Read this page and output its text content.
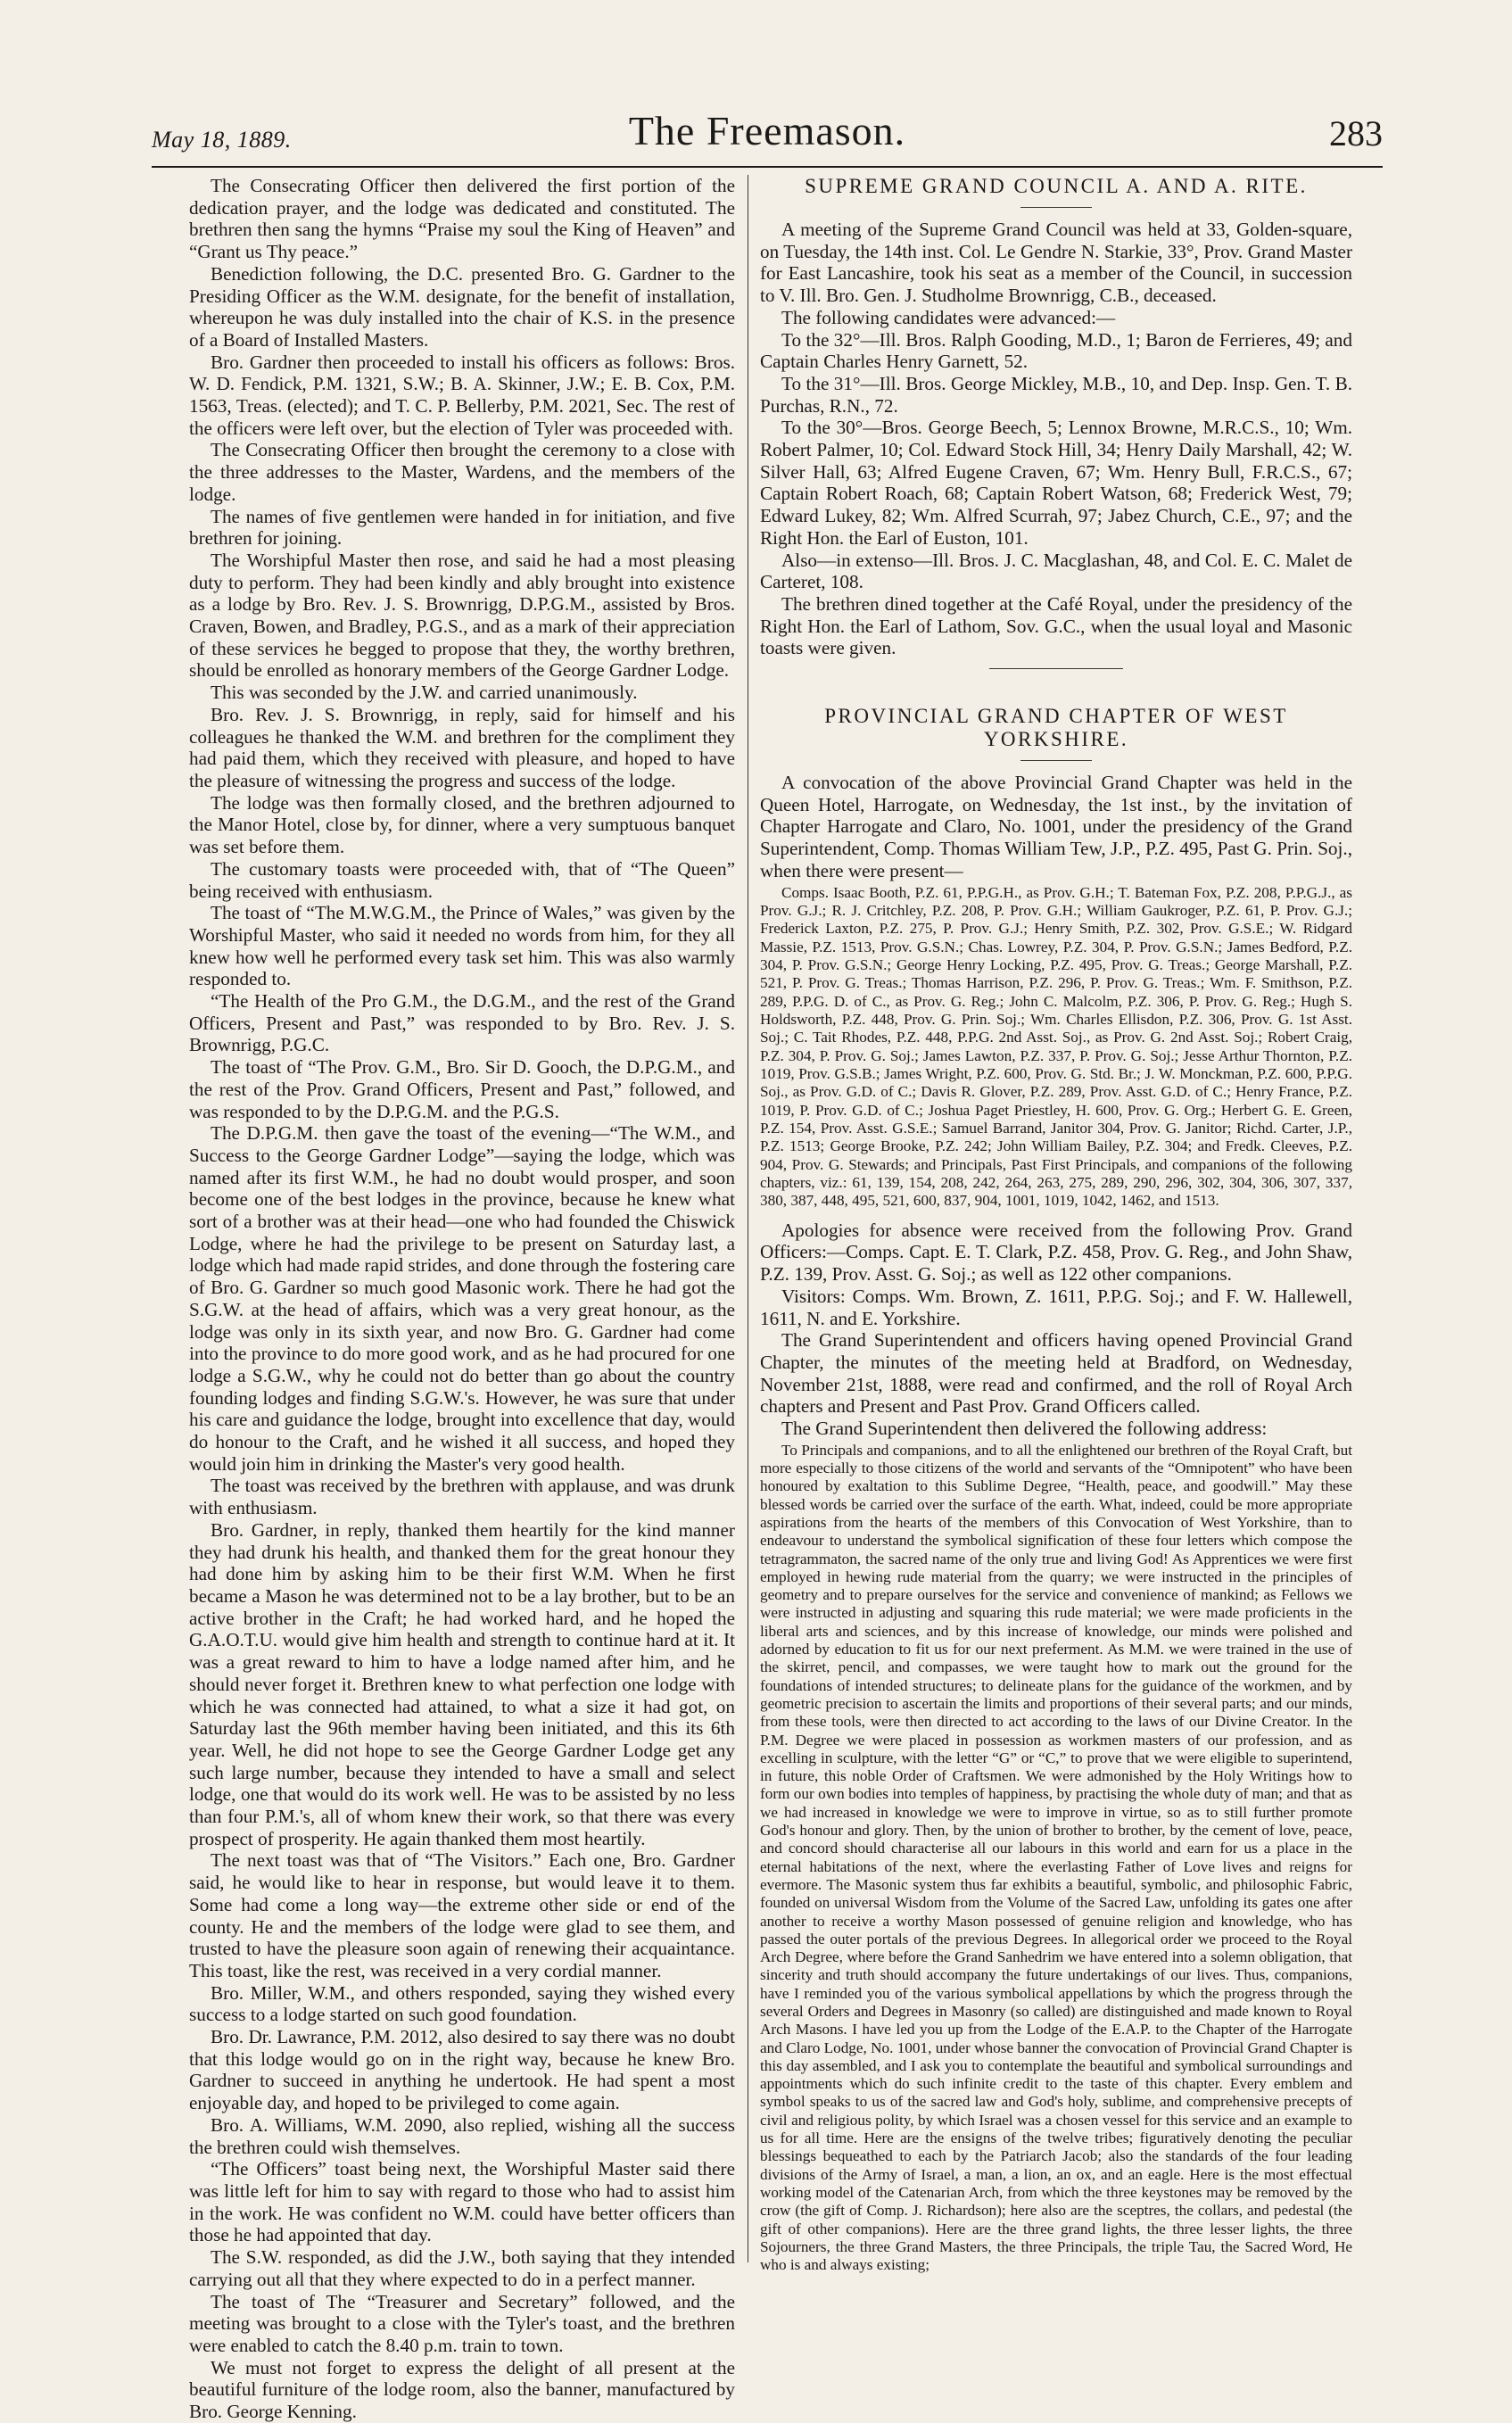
May 18, 1889.	The Freemason.	283

The Consecrating Officer then delivered the first portion of the dedication prayer, and the lodge was dedicated and constituted. The brethren then sang the hymns “Praise my soul the King of Heaven” and “Grant us Thy peace.”

Benediction following, the D.C. presented Bro. G. Gardner to the Presiding Officer as the W.M. designate, for the benefit of installation, whereupon he was duly installed into the chair of K.S. in the presence of a Board of Installed Masters.

Bro. Gardner then proceeded to install his officers as follows: Bros. W. D. Fendick, P.M. 1321, S.W.; B. A. Skinner, J.W.; E. B. Cox, P.M. 1563, Treas. (elected); and T. C. P. Bellerby, P.M. 2021, Sec. The rest of the officers were left over, but the election of Tyler was proceeded with.

The Consecrating Officer then brought the ceremony to a close with the three addresses to the Master, Wardens, and the members of the lodge.

The names of five gentlemen were handed in for initiation, and five brethren for joining.

The Worshipful Master then rose, and said he had a most pleasing duty to perform. They had been kindly and ably brought into existence as a lodge by Bro. Rev. J. S. Brownrigg, D.P.G.M., assisted by Bros. Craven, Bowen, and Bradley, P.G.S., and as a mark of their appreciation of these services he begged to propose that they, the worthy brethren, should be enrolled as honorary members of the George Gardner Lodge.

This was seconded by the J.W. and carried unanimously.

Bro. Rev. J. S. Brownrigg, in reply, said for himself and his colleagues he thanked the W.M. and brethren for the compliment they had paid them, which they received with pleasure, and hoped to have the pleasure of witnessing the progress and success of the lodge.

The lodge was then formally closed, and the brethren adjourned to the Manor Hotel, close by, for dinner, where a very sumptuous banquet was set before them.

The customary toasts were proceeded with, that of “The Queen” being received with enthusiasm.

The toast of “The M.W.G.M., the Prince of Wales,” was given by the Worshipful Master, who said it needed no words from him, for they all knew how well he performed every task set him. This was also warmly responded to.

“The Health of the Pro G.M., the D.G.M., and the rest of the Grand Officers, Present and Past,” was responded to by Bro. Rev. J. S. Brownrigg, P.G.C.

The toast of “The Prov. G.M., Bro. Sir D. Gooch, the D.P.G.M., and the rest of the Prov. Grand Officers, Present and Past,” followed, and was responded to by the D.P.G.M. and the P.G.S.

The D.P.G.M. then gave the toast of the evening—“The W.M., and Success to the George Gardner Lodge”—saying the lodge, which was named after its first W.M., he had no doubt would prosper, and soon become one of the best lodges in the province, because he knew what sort of a brother was at their head—one who had founded the Chiswick Lodge, where he had the privilege to be present on Saturday last, a lodge which had made rapid strides, and done through the fostering care of Bro. G. Gardner so much good Masonic work. There he had got the S.G.W. at the head of affairs, which was a very great honour, as the lodge was only in its sixth year, and now Bro. G. Gardner had come into the province to do more good work, and as he had procured for one lodge a S.G.W., why he could not do better than go about the country founding lodges and finding S.G.W.'s. However, he was sure that under his care and guidance the lodge, brought into excellence that day, would do honour to the Craft, and he wished it all success, and hoped they would join him in drinking the Master's very good health.

The toast was received by the brethren with applause, and was drunk with enthusiasm.

Bro. Gardner, in reply, thanked them heartily for the kind manner they had drunk his health, and thanked them for the great honour they had done him by asking him to be their first W.M. When he first became a Mason he was determined not to be a lay brother, but to be an active brother in the Craft; he had worked hard, and he hoped the G.A.O.T.U. would give him health and strength to continue hard at it. It was a great reward to him to have a lodge named after him, and he should never forget it. Brethren knew to what perfection one lodge with which he was connected had attained, to what a size it had got, on Saturday last the 96th member having been initiated, and this its 6th year. Well, he did not hope to see the George Gardner Lodge get any such large number, because they intended to have a small and select lodge, one that would do its work well. He was to be assisted by no less than four P.M.'s, all of whom knew their work, so that there was every prospect of prosperity. He again thanked them most heartily.

The next toast was that of “The Visitors.” Each one, Bro. Gardner said, he would like to hear in response, but would leave it to them. Some had come a long way—the extreme other side or end of the county. He and the members of the lodge were glad to see them, and trusted to have the pleasure soon again of renewing their acquaintance. This toast, like the rest, was received in a very cordial manner.

Bro. Miller, W.M., and others responded, saying they wished every success to a lodge started on such good foundation.

Bro. Dr. Lawrance, P.M. 2012, also desired to say there was no doubt that this lodge would go on in the right way, because he knew Bro. Gardner to succeed in anything he undertook. He had spent a most enjoyable day, and hoped to be privileged to come again.

Bro. A. Williams, W.M. 2090, also replied, wishing all the success the brethren could wish themselves.

“The Officers” toast being next, the Worshipful Master said there was little left for him to say with regard to those who had to assist him in the work. He was confident no W.M. could have better officers than those he had appointed that day.

The S.W. responded, as did the J.W., both saying that they intended carrying out all that they where expected to do in a perfect manner.

The toast of The “Treasurer and Secretary” followed, and the meeting was brought to a close with the Tyler's toast, and the brethren were enabled to catch the 8.40 p.m. train to town.

We must not forget to express the delight of all present at the beautiful furniture of the lodge room, also the banner, manufactured by Bro. George Kenning.

SUPREME GRAND COUNCIL A. AND A. RITE.

A meeting of the Supreme Grand Council was held at 33, Golden-square, on Tuesday, the 14th inst. Col. Le Gendre N. Starkie, 33°, Prov. Grand Master for East Lancashire, took his seat as a member of the Council, in succession to V. Ill. Bro. Gen. J. Studholme Brownrigg, C.B., deceased.

The following candidates were advanced:—

To the 32°—Ill. Bros. Ralph Gooding, M.D., 1; Baron de Ferrieres, 49; and Captain Charles Henry Garnett, 52.

To the 31°—Ill. Bros. George Mickley, M.B., 10, and Dep. Insp. Gen. T. B. Purchas, R.N., 72.

To the 30°—Bros. George Beech, 5; Lennox Browne, M.R.C.S., 10; Wm. Robert Palmer, 10; Col. Edward Stock Hill, 34; Henry Daily Marshall, 42; W. Silver Hall, 63; Alfred Eugene Craven, 67; Wm. Henry Bull, F.R.C.S., 67; Captain Robert Roach, 68; Captain Robert Watson, 68; Frederick West, 79; Edward Lukey, 82; Wm. Alfred Scurrah, 97; Jabez Church, C.E., 97; and the Right Hon. the Earl of Euston, 101.

Also—in extenso—Ill. Bros. J. C. Macglashan, 48, and Col. E. C. Malet de Carteret, 108.

The brethren dined together at the Café Royal, under the presidency of the Right Hon. the Earl of Lathom, Sov. G.C., when the usual loyal and Masonic toasts were given.

PROVINCIAL GRAND CHAPTER OF WEST YORKSHIRE.

A convocation of the above Provincial Grand Chapter was held in the Queen Hotel, Harrogate, on Wednesday, the 1st inst., by the invitation of Chapter Harrogate and Claro, No. 1001, under the presidency of the Grand Superintendent, Comp. Thomas William Tew, J.P., P.Z. 495, Past G. Prin. Soj., when there were present—

Comps. Isaac Booth, P.Z. 61, P.P.G.H., as Prov. G.H.; T. Bateman Fox, P.Z. 208, P.P.G.J., as Prov. G.J.; R. J. Critchley, P.Z. 208, P. Prov. G.H.; William Gaukroger, P.Z. 61, P. Prov. G.J.; Frederick Laxton, P.Z. 275, P. Prov. G.J.; Henry Smith, P.Z. 302, Prov. G.S.E.; W. Ridgard Massie, P.Z. 1513, Prov. G.S.N.; Chas. Lowrey, P.Z. 304, P. Prov. G.S.N.; James Bedford, P.Z. 304, P. Prov. G.S.N.; George Henry Locking, P.Z. 495, Prov. G. Treas.; George Marshall, P.Z. 521, P. Prov. G. Treas.; Thomas Harrison, P.Z. 296, P. Prov. G. Treas.; Wm. F. Smithson, P.Z. 289, P.P.G. D. of C., as Prov. G. Reg.; John C. Malcolm, P.Z. 306, P. Prov. G. Reg.; Hugh S. Holdsworth, P.Z. 448, Prov. G. Prin. Soj.; Wm. Charles Ellisdon, P.Z. 306, Prov. G. 1st Asst. Soj.; C. Tait Rhodes, P.Z. 448, P.P.G. 2nd Asst. Soj., as Prov. G. 2nd Asst. Soj.; Robert Craig, P.Z. 304, P. Prov. G. Soj.; James Lawton, P.Z. 337, P. Prov. G. Soj.; Jesse Arthur Thornton, P.Z. 1019, Prov. G.S.B.; James Wright, P.Z. 600, Prov. G. Std. Br.; J. W. Monckman, P.Z. 600, P.P.G. Soj., as Prov. G.D. of C.; Davis R. Glover, P.Z. 289, Prov. Asst. G.D. of C.; Henry France, P.Z. 1019, P. Prov. G.D. of C.; Joshua Paget Priestley, H. 600, Prov. G. Org.; Herbert G. E. Green, P.Z. 154, Prov. Asst. G.S.E.; Samuel Barrand, Janitor 304, Prov. G. Janitor; Richd. Carter, J.P., P.Z. 1513; George Brooke, P.Z. 242; John William Bailey, P.Z. 304; and Fredk. Cleeves, P.Z. 904, Prov. G. Stewards; and Principals, Past First Principals, and companions of the following chapters, viz.: 61, 139, 154, 208, 242, 264, 263, 275, 289, 290, 296, 302, 304, 306, 307, 337, 380, 387, 448, 495, 521, 600, 837, 904, 1001, 1019, 1042, 1462, and 1513.

Apologies for absence were received from the following Prov. Grand Officers:—Comps. Capt. E. T. Clark, P.Z. 458, Prov. G. Reg., and John Shaw, P.Z. 139, Prov. Asst. G. Soj.; as well as 122 other companions.

Visitors: Comps. Wm. Brown, Z. 1611, P.P.G. Soj.; and F. W. Hallewell, 1611, N. and E. Yorkshire.

The Grand Superintendent and officers having opened Provincial Grand Chapter, the minutes of the meeting held at Bradford, on Wednesday, November 21st, 1888, were read and confirmed, and the roll of Royal Arch chapters and Present and Past Prov. Grand Officers called.

The Grand Superintendent then delivered the following address:

To Principals and companions, and to all the enlightened our brethren of the Royal Craft, but more especially to those citizens of the world and servants of the “Omnipotent” who have been honoured by exaltation to this Sublime Degree, “Health, peace, and goodwill.” May these blessed words be carried over the surface of the earth. What, indeed, could be more appropriate aspirations from the hearts of the members of this Convocation of West Yorkshire, than to endeavour to understand the symbolical signification of these four letters which compose the tetragrammaton, the sacred name of the only true and living God! As Apprentices we were first employed in hewing rude material from the quarry; we were instructed in the principles of geometry and to prepare ourselves for the service and convenience of mankind; as Fellows we were instructed in adjusting and squaring this rude material; we were made proficients in the liberal arts and sciences, and by this increase of knowledge, our minds were polished and adorned by education to fit us for our next preferment. As M.M. we were trained in the use of the skirret, pencil, and compasses, we were taught how to mark out the ground for the foundations of intended structures; to delineate plans for the guidance of the workmen, and by geometric precision to ascertain the limits and proportions of their several parts; and our minds, from these tools, were then directed to act according to the laws of our Divine Creator. In the P.M. Degree we were placed in possession as workmen masters of our profession, and as excelling in sculpture, with the letter “G” or “C,” to prove that we were eligible to superintend, in future, this noble Order of Craftsmen. We were admonished by the Holy Writings how to form our own bodies into temples of happiness, by practising the whole duty of man; and that as we had increased in knowledge we were to improve in virtue, so as to still further promote God's honour and glory. Then, by the union of brother to brother, by the cement of love, peace, and concord should characterise all our labours in this world and earn for us a place in the eternal habitations of the next, where the everlasting Father of Love lives and reigns for evermore. The Masonic system thus far exhibits a beautiful, symbolic, and philosophic Fabric, founded on universal Wisdom from the Volume of the Sacred Law, unfolding its gates one after another to receive a worthy Mason possessed of genuine religion and knowledge, who has passed the outer portals of the previous Degrees. In allegorical order we proceed to the Royal Arch Degree, where before the Grand Sanhedrim we have entered into a solemn obligation, that sincerity and truth should accompany the future undertakings of our lives. Thus, companions, have I reminded you of the various symbolical appellations by which the progress through the several Orders and Degrees in Masonry (so called) are distinguished and made known to Royal Arch Masons. I have led you up from the Lodge of the E.A.P. to the Chapter of the Harrogate and Claro Lodge, No. 1001, under whose banner the convocation of Provincial Grand Chapter is this day assembled, and I ask you to contemplate the beautiful and symbolical surroundings and appointments which do such infinite credit to the taste of this chapter. Every emblem and symbol speaks to us of the sacred law and God's holy, sublime, and comprehensive precepts of civil and religious polity, by which Israel was a chosen vessel for this service and an example to us for all time. Here are the ensigns of the twelve tribes; figuratively denoting the peculiar blessings bequeathed to each by the Patriarch Jacob; also the standards of the four leading divisions of the Army of Israel, a man, a lion, an ox, and an eagle. Here is the most effectual working model of the Catenarian Arch, from which the three keystones may be removed by the crow (the gift of Comp. J. Richardson); here also are the sceptres, the collars, and pedestal (the gift of other companions). Here are the three grand lights, the three lesser lights, the three Sojourners, the three Grand Masters, the three Principals, the triple Tau, the Sacred Word, He who is and always existing;
